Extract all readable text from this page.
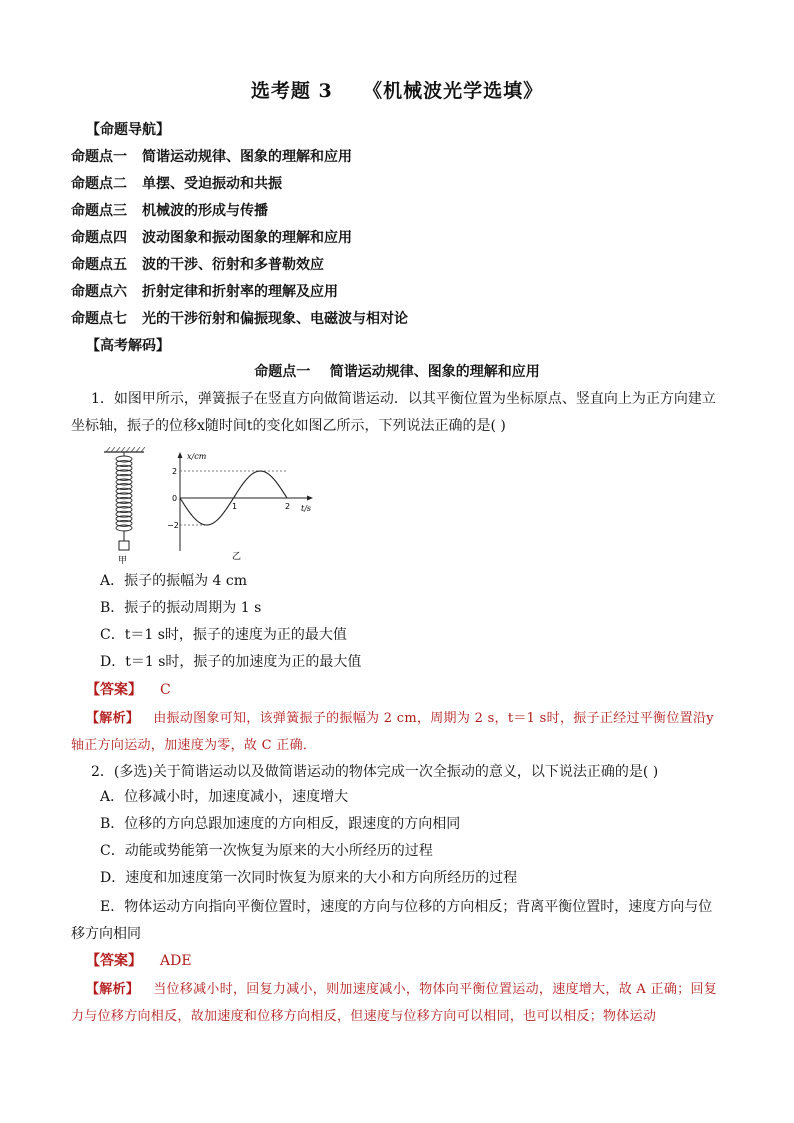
选考题 3    《机械波光学选填》
【命题导航】
命题点一 简谐运动规律、图象的理解和应用
命题点二 单摆、受迫振动和共振
命题点三 机械波的形成与传播
命题点四 波动图象和振动图象的理解和应用
命题点五 波的干涉、衍射和多普勒效应
命题点六 折射定律和折射率的理解及应用
命题点七 光的干涉衍射和偏振现象、电磁波与相对论
【高考解码】
命题点一    简谐运动规律、图象的理解和应用
1．如图甲所示，弹簧振子在竖直方向做简谐运动．以其平衡位置为坐标原点、竖直向上为正方向建立坐标轴，振子的位移x随时间t的变化如图乙所示，下列说法正确的是( )
甲
x/cm
t/s
2
0
−2
1	2
乙
A．振子的振幅为 4 cm
B．振子的振动周期为 1 s
C．t＝1 s时，振子的速度为正的最大值
D．t＝1 s时，振子的加速度为正的最大值
【答案】 C
【解析】 由振动图象可知，该弹簧振子的振幅为 2 cm，周期为 2 s，t＝1 s时，振子正经过平衡位置沿y轴正方向运动，加速度为零，故 C 正确．
2．(多选)关于简谐运动以及做简谐运动的物体完成一次全振动的意义，以下说法正确的是( )
A．位移减小时，加速度减小，速度增大
B．位移的方向总跟加速度的方向相反，跟速度的方向相同
C．动能或势能第一次恢复为原来的大小所经历的过程
D．速度和加速度第一次同时恢复为原来的大小和方向所经历的过程
E．物体运动方向指向平衡位置时，速度的方向与位移的方向相反；背离平衡位置时，速度方向与位移方向相同
【答案】 ADE
【解析】 当位移减小时，回复力减小，则加速度减小，物体向平衡位置运动，速度增大，故 A 正确；回复力与位移方向相反，故加速度和位移方向相反，但速度与位移方向可以相同，也可以相反；物体运动
